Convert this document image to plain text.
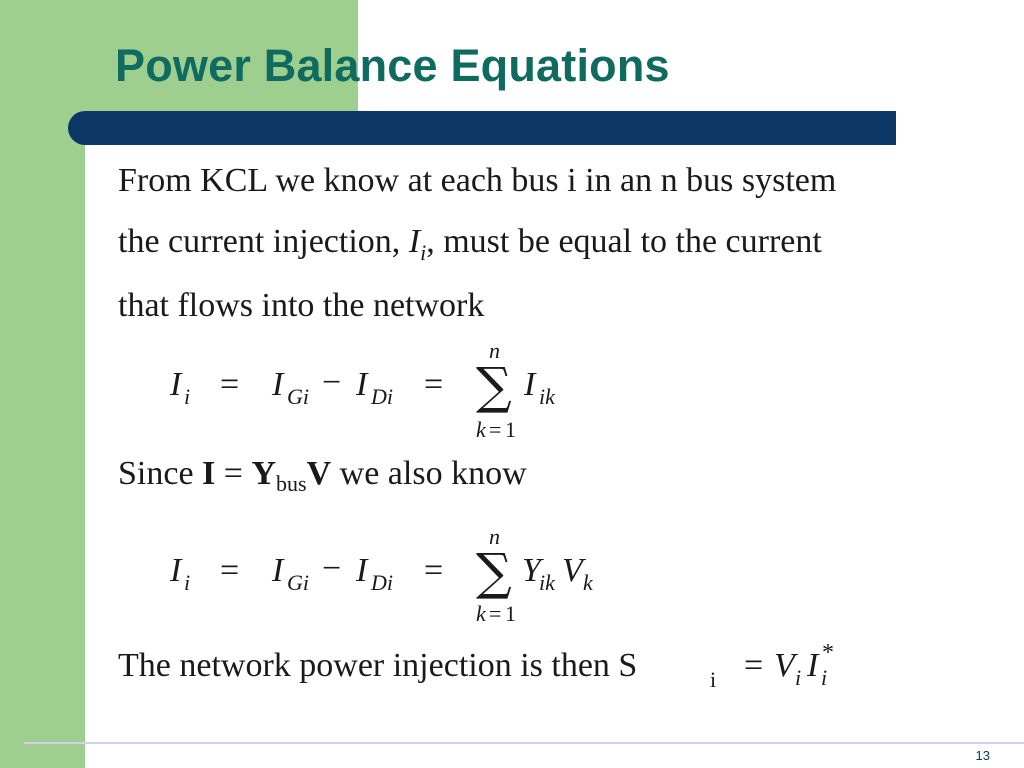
Power Balance Equations
From KCL we know at each bus i in an n bus system
the current injection, $I_i$, must be equal to the current
that flows into the network
I i = I Gi − I Di =
n
∑
k = 1
I ik
Since $I = Y_{bus}V$ we also know
I i = I Gi − I Di =
n
∑
k = 1
Y
ik V k
The network power injection is then S	i = V i I i
*
13
